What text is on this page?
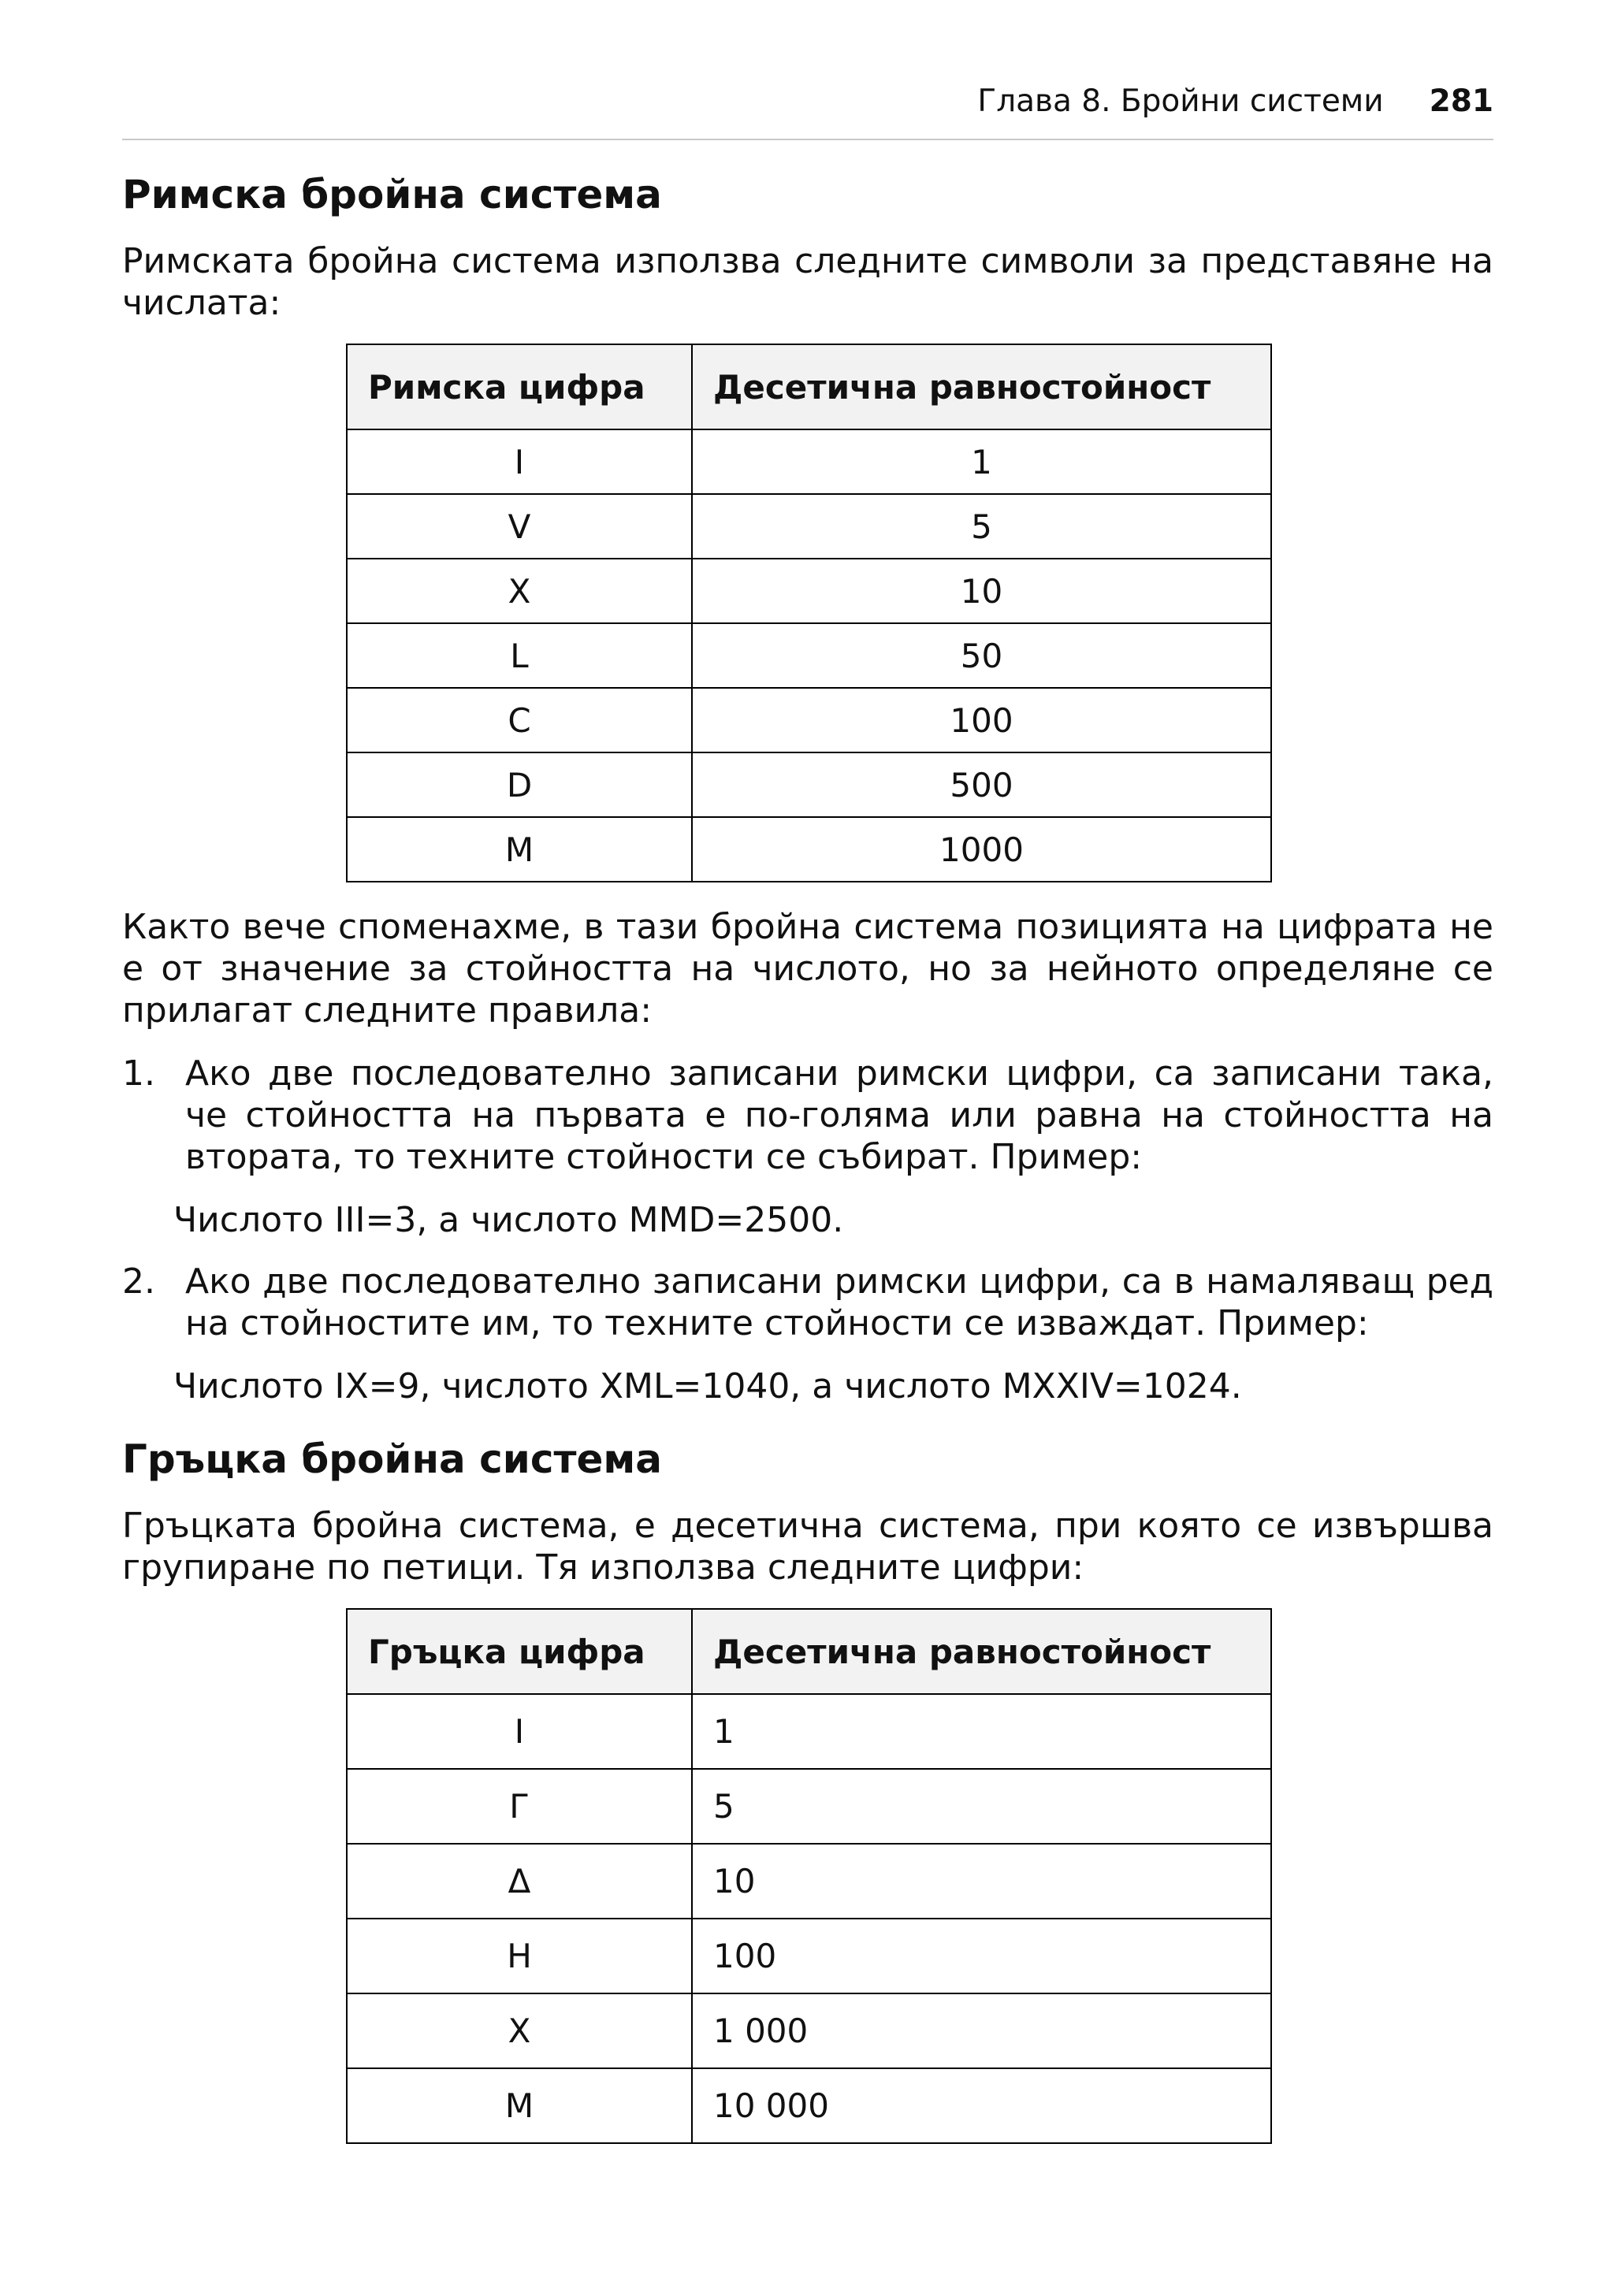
Глава 8. Бройни системи 281
Римска бройна система

Римската бройна система използва следните символи за представяне на числата:

Римска цифра	Десетична равностойност
I	1
V	5
X	10
L	50
C	100
D	500
M	1000

Както вече споменахме, в тази бройна система позицията на цифрата не е от значение за стойността на числото, но за нейното определяне се прилагат следните правила:

1. Ако две последователно записани римски цифри, са записани така, че стойността на първата е по-голяма или равна на стойността на втората, то техните стойности се събират. Пример:

Числото III=3, а числото MMD=2500.

2. Ако две последователно записани римски цифри, са в намаляващ ред на стойностите им, то техните стойности се изваждат. Пример:

Числото IX=9, числото XML=1040, а числото MXXIV=1024.

Гръцка бройна система

Гръцката бройна система, е десетична система, при която се извършва групиране по петици. Тя използва следните цифри:

Гръцка цифра	Десетична равностойност
I	1
Г	5
Δ	10
Η	100
Χ	1 000
Μ	10 000
